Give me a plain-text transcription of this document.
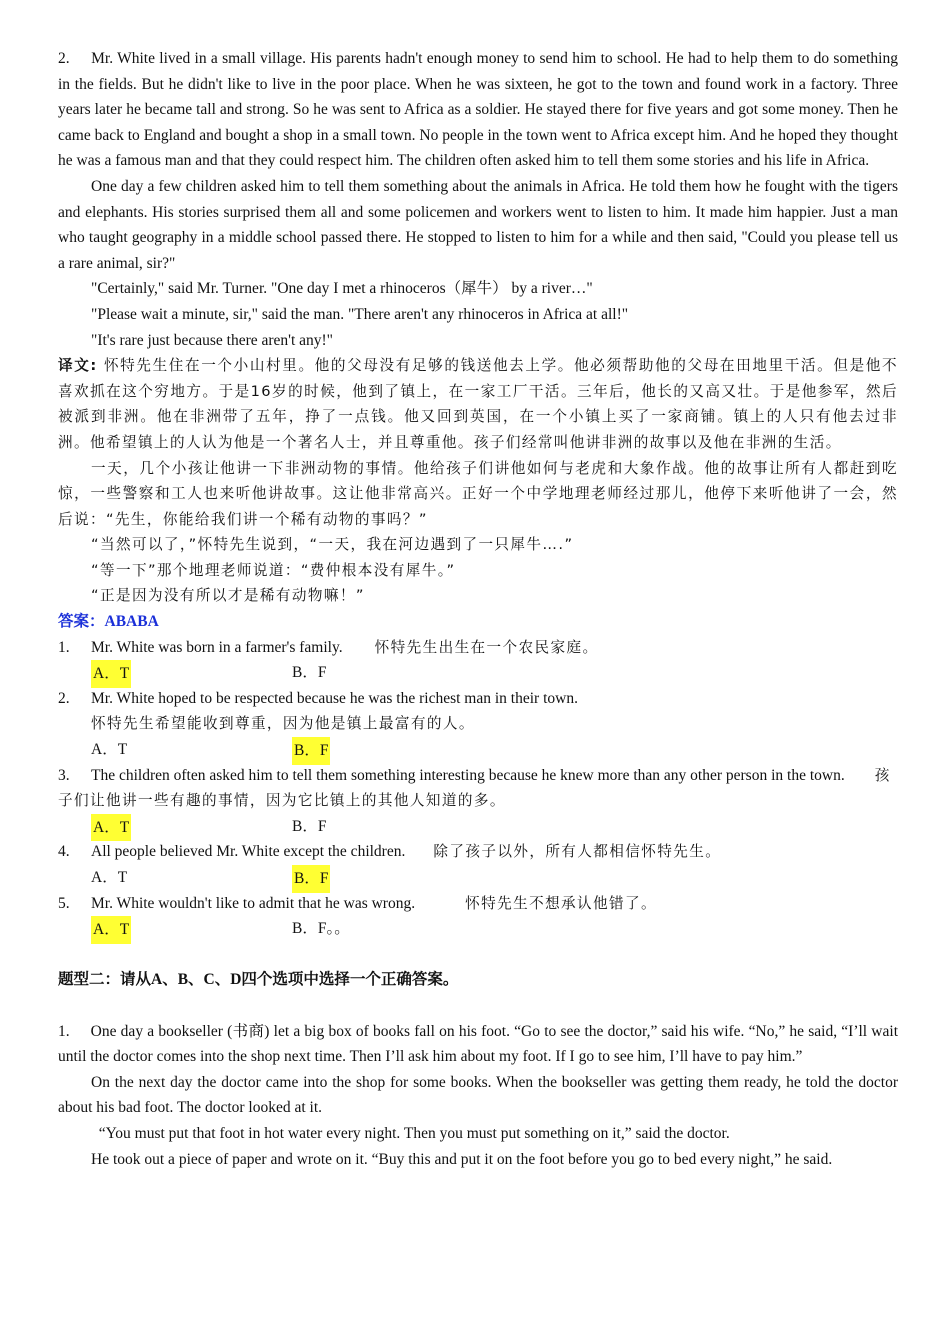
2.     Mr. White lived in a small village. His parents hadn't enough money to send him to school. He had to help them to do something in the fields. But he didn't like to live in the poor place. When he was sixteen, he got to the town and found work in a factory. Three years later he became tall and strong. So he was sent to Africa as a soldier. He stayed there for five years and got some money. Then he came back to England and bought a shop in a small town. No people in the town went to Africa except him. And he hoped they thought he was a famous man and that they could respect him. The children often asked him to tell them some stories and his life in Africa.

One day a few children asked him to tell them something about the animals in Africa. He told them how he fought with the tigers and elephants. His stories surprised them all and some policemen and workers went to listen to him. It made him happier. Just a man who taught geography in a middle school passed there. He stopped to listen to him for a while and then said, "Could you please tell us a rare animal, sir?"

"Certainly," said Mr. Turner. "One day I met a rhinoceros（犀牛） by a river…"

"Please wait a minute, sir," said the man. "There aren't any rhinoceros in Africa at all!"

"It's rare just because there aren't any!"

译文: 怀特先生住在一个小山村里。他的父母没有足够的钱送他去上学。他必须帮助他的父母在田地里干活。但是他不喜欢抓在这个穷地方。于是16岁的时候，他到了镇上，在一家工厂干活。三年后，他长的又高又壮。于是他参军，然后被派到非洲。他在非洲带了五年，挣了一点钱。他又回到英国，在一个小镇上买了一家商铺。镇上的人只有他去过非洲。他希望镇上的人认为他是一个著名人士，并且尊重他。孩子们经常叫他讲非洲的故事以及他在非洲的生活。

一天，几个小孩让他讲一下非洲动物的事情。他给孩子们讲他如何与老虎和大象作战。他的故事让所有人都赶到吃惊，一些警察和工人也来听他讲故事。这让他非常高兴。正好一个中学地理老师经过那儿，他停下来听他讲了一会，然后说：“先生，你能给我们讲一个稀有动物的事吗？”

“当然可以了，”怀特先生说到，“一天，我在河边遇到了一只犀牛….”

“等一下”那个地理老师说道：“费仲根本没有犀牛。”

“正是因为没有所以才是稀有动物嘛！”

答案：ABABA

1. Mr. White was born in a farmer's family. 怀特先生出生在一个农民家庭。

A．T	B．F

2. Mr. White hoped to be respected because he was the richest man in their town.

怀特先生希望能收到尊重，因为他是镇上最富有的人。

A．T	B．F

3. The children often asked him to tell them something interesting because he knew more than any other person in the town. 孩子们让他讲一些有趣的事情，因为它比镇上的其他人知道的多。

A．T	B．F

4. All people believed Mr. White except the children. 除了孩子以外，所有人都相信怀特先生。

A．T	B．F

5. Mr. White wouldn't like to admit that he was wrong.	怀特先生不想承认他错了。

A．T	B．F。。

题型二：请从A、B、C、D四个选项中选择一个正确答案。

1.     One day a bookseller (书商) let a big box of books fall on his foot. “Go to see the doctor,” said his wife. “No,” he said, “I’ll wait until the doctor comes into the shop next time. Then I’ll ask him about my foot. If I go to see him, I’ll have to pay him.”

On the next day the doctor came into the shop for some books. When the bookseller was getting them ready, he told the doctor about his bad foot. The doctor looked at it.

“You must put that foot in hot water every night. Then you must put something on it,” said the doctor.

He took out a piece of paper and wrote on it. “Buy this and put it on the foot before you go to bed every night,” he said.
